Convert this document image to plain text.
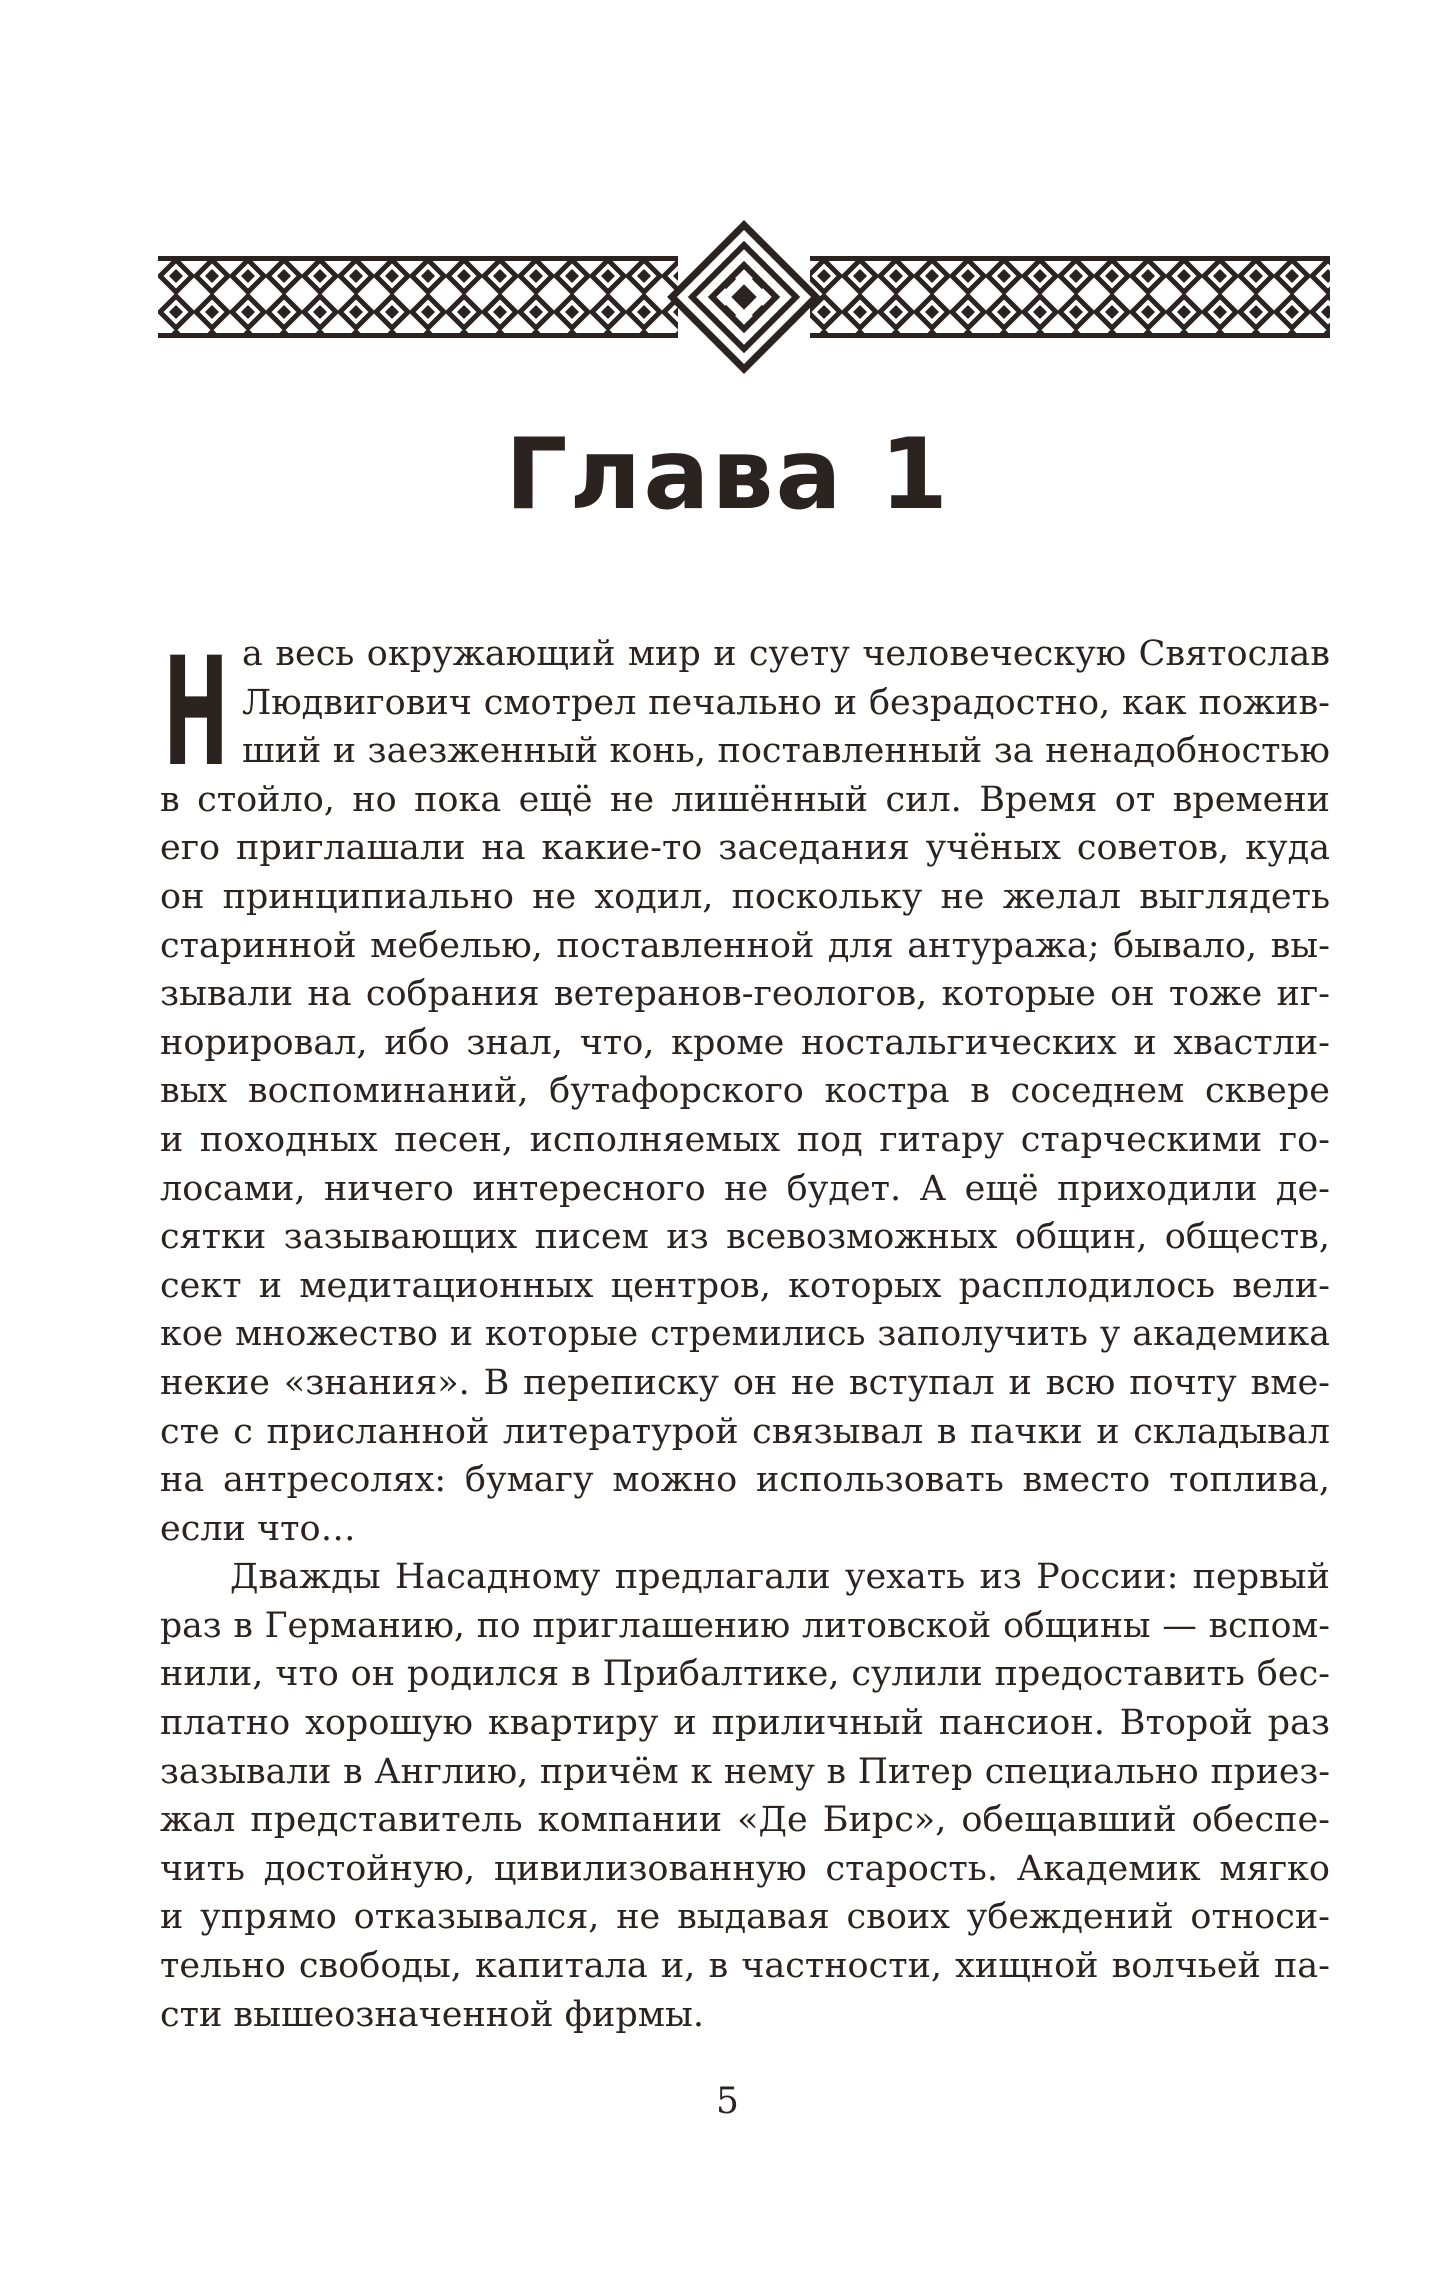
Глава 1
Н а весь окружающий мир и суету человеческую Святослав
Людвигович смотрел печально и безрадостно, как пожив-
ший и заезженный конь, поставленный за ненадобностью
в стойло, но пока ещё не лишённый сил. Время от времени
его приглашали на какие-то заседания учёных советов, куда
он принципиально не ходил, поскольку не желал выглядеть
старинной мебелью, поставленной для антуража; бывало, вы-
зывали на собрания ветеранов-геологов, которые он тоже иг-
норировал, ибо знал, что, кроме ностальгических и хвастли-
вых воспоминаний, бутафорского костра в соседнем сквере
и походных песен, исполняемых под гитару старческими го-
лосами, ничего интересного не будет. А ещё приходили де-
сятки зазывающих писем из всевозможных общин, обществ,
сект и медитационных центров, которых расплодилось вели-
кое множество и которые стремились заполучить у академика
некие «знания». В переписку он не вступал и всю почту вме-
сте с присланной литературой связывал в пачки и складывал
на антресолях: бумагу можно использовать вместо топлива,
если что…
Дважды Насадному предлагали уехать из России: первый
раз в Германию, по приглашению литовской общины — вспом-
нили, что он родился в Прибалтике, сулили предоставить бес-
платно хорошую квартиру и приличный пансион. Второй раз
зазывали в Англию, причём к нему в Питер специально приез-
жал представитель компании «Де Бирс», обещавший обеспе-
чить достойную, цивилизованную старость. Академик мягко
и упрямо отказывался, не выдавая своих убеждений относи-
тельно свободы, капитала и, в частности, хищной волчьей па-
сти вышеозначенной фирмы.
5
